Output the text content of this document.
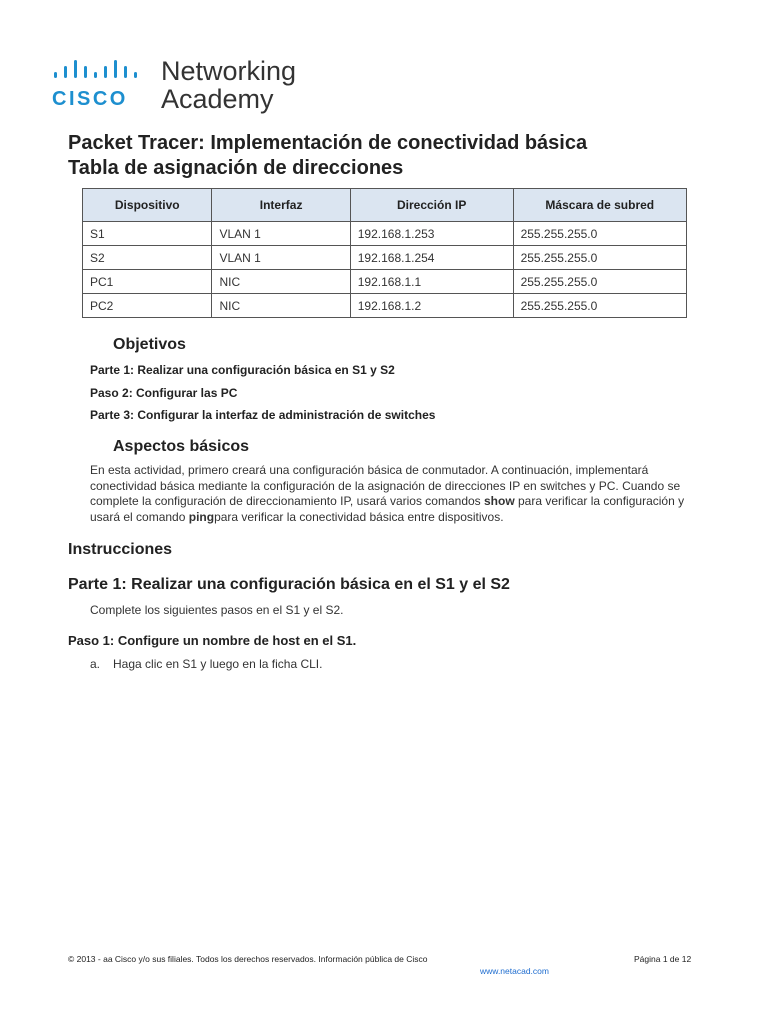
CISCO
Networking
Academy
Packet Tracer: Implementación de conectividad básica
Tabla de asignación de direcciones
Dispositivo	Interfaz	Dirección IP	Máscara de subred
S1	VLAN 1	192.168.1.253	255.255.255.0
S2	VLAN 1	192.168.1.254	255.255.255.0
PC1	NIC	192.168.1.1	255.255.255.0
PC2	NIC	192.168.1.2	255.255.255.0
Objetivos
Parte 1: Realizar una configuración básica en S1 y S2
Paso 2: Configurar las PC
Parte 3: Configurar la interfaz de administración de switches
Aspectos básicos
En esta actividad, primero creará una configuración básica de conmutador. A continuación, implementará conectividad básica mediante la configuración de la asignación de direcciones IP en switches y PC. Cuando se complete la configuración de direccionamiento IP, usará varios comandos show para verificar la configuración y usará el comando pingpara verificar la conectividad básica entre dispositivos.
Instrucciones
Parte 1: Realizar una configuración básica en el S1 y el S2
Complete los siguientes pasos en el S1 y el S2.
Paso 1: Configure un nombre de host en el S1.
a. Haga clic en S1 y luego en la ficha CLI.
© 2013 - aa Cisco y/o sus filiales. Todos los derechos reservados. Información pública de Cisco	Página 1 de 12
www.netacad.com
